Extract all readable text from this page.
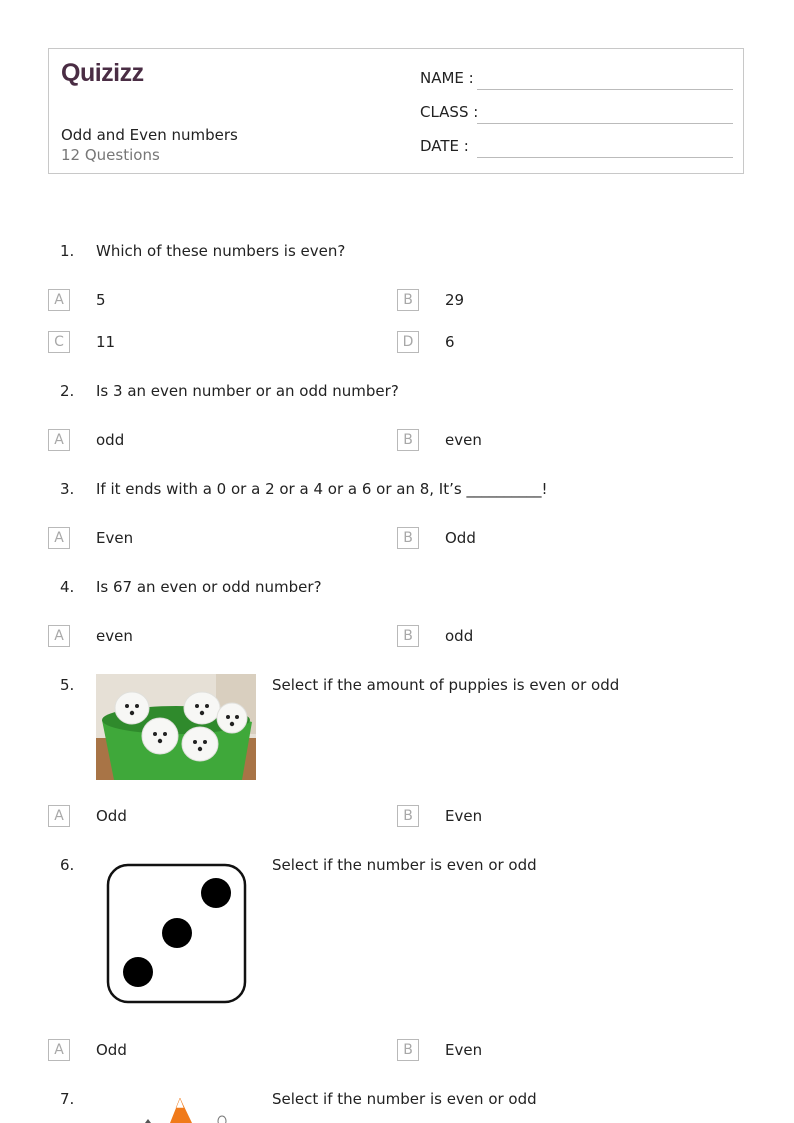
Quizizz
Odd and Even numbers
12 Questions
NAME :
CLASS :
DATE :
1. Which of these numbers is even?
A	5	B	29
C	11	D	6
2. Is 3 an even number or an odd number?
A	odd	B	even
3. If it ends with a 0 or a 2 or a 4 or a 6 or an 8, It’s __________!
A	Even	B	Odd
4. Is 67 an even or odd number?
A	even	B	odd
5.	Select if the amount of puppies is even or odd
A	Odd	B	Even
6.	Select if the number is even or odd
A	Odd	B	Even
7.	Select if the number is even or odd
